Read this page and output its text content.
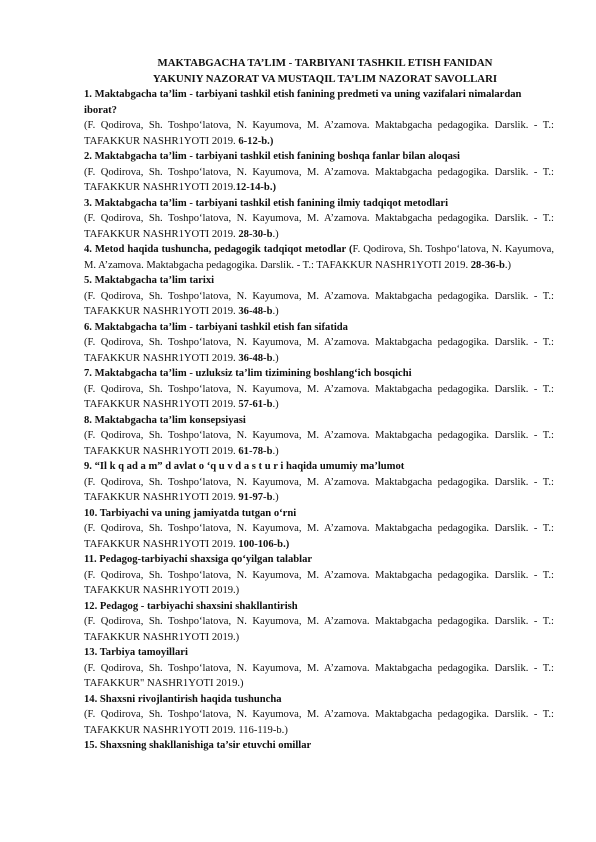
MAKTABGACHA TA’LIM - TARBIYANI TASHKIL ETISH FANIDAN
YAKUNIY NAZORAT VA MUSTAQIL TA’LIM NAZORAT SAVOLLARI
1. Maktabgacha ta’lim - tarbiyani tashkil etish fanining predmeti va uning vazifalari nimalardan iborat?
(F. Qodirova, Sh. Toshpo‘latova, N. Kayumova, M. A’zamova. Maktabgacha pedagogika. Darslik. - T.: TAFAKKUR NASHR1YOTI 2019. 6-12-b.)
2. Maktabgacha ta’lim - tarbiyani tashkil etish fanining boshqa fanlar bilan aloqasi
(F. Qodirova, Sh. Toshpo‘latova, N. Kayumova, M. A’zamova. Maktabgacha pedagogika. Darslik. - T.: TAFAKKUR NASHR1YOTI 2019.12-14-b.)
3. Maktabgacha ta’lim - tarbiyani tashkil etish fanining ilmiy tadqiqot metodlari
(F. Qodirova, Sh. Toshpo‘latova, N. Kayumova, M. A’zamova. Maktabgacha pedagogika. Darslik. - T.: TAFAKKUR NASHR1YOTI 2019. 28-30-b.)
4. Metod haqida tushuncha, pedagogik tadqiqot metodlar (F. Qodirova, Sh. Toshpo‘latova, N. Kayumova, M. A’zamova. Maktabgacha pedagogika. Darslik. - T.: TAFAKKUR NASHR1YOTI 2019. 28-36-b.)
5. Maktabgacha ta’lim tarixi
(F. Qodirova, Sh. Toshpo‘latova, N. Kayumova, M. A’zamova. Maktabgacha pedagogika. Darslik. - T.: TAFAKKUR NASHR1YOTI 2019. 36-48-b.)
6. Maktabgacha ta’lim - tarbiyani tashkil etish fan sifatida
(F. Qodirova, Sh. Toshpo‘latova, N. Kayumova, M. A’zamova. Maktabgacha pedagogika. Darslik. - T.: TAFAKKUR NASHR1YOTI 2019. 36-48-b.)
7. Maktabgacha ta’lim - uzluksiz ta’lim tizimining boshlang‘ich bosqichi
(F. Qodirova, Sh. Toshpo‘latova, N. Kayumova, M. A’zamova. Maktabgacha pedagogika. Darslik. - T.: TAFAKKUR NASHR1YOTI 2019. 57-61-b.)
8. Maktabgacha ta’lim konsepsiyasi
(F. Qodirova, Sh. Toshpo‘latova, N. Kayumova, M. A’zamova. Maktabgacha pedagogika. Darslik. - T.: TAFAKKUR NASHR1YOTI 2019. 61-78-b.)
9. “Il k q ad a m” d avlat o ‘q u v d a s t u r i haqida umumiy ma’lumot
(F. Qodirova, Sh. Toshpo‘latova, N. Kayumova, M. A’zamova. Maktabgacha pedagogika. Darslik. - T.: TAFAKKUR NASHR1YOTI 2019. 91-97-b.)
10. Tarbiyachi va uning jamiyatda tutgan o‘rni
(F. Qodirova, Sh. Toshpo‘latova, N. Kayumova, M. A’zamova. Maktabgacha pedagogika. Darslik. - T.: TAFAKKUR NASHR1YOTI 2019. 100-106-b.)
11. Pedagog-tarbiyachi shaxsiga qo‘yilgan talablar
(F. Qodirova, Sh. Toshpo‘latova, N. Kayumova, M. A’zamova. Maktabgacha pedagogika. Darslik. - T.: TAFAKKUR NASHR1YOTI 2019.)
12. Pedagog - tarbiyachi shaxsini shakllantirish
(F. Qodirova, Sh. Toshpo‘latova, N. Kayumova, M. A’zamova. Maktabgacha pedagogika. Darslik. - T.: TAFAKKUR NASHR1YOTI 2019.)
13. Tarbiya tamoyillari
(F. Qodirova, Sh. Toshpo‘latova, N. Kayumova, M. A’zamova. Maktabgacha pedagogika. Darslik. - T.: TAFAKKUR" NASHR1YOTI 2019.)
14. Shaxsni rivojlantirish haqida tushuncha
(F. Qodirova, Sh. Toshpo‘latova, N. Kayumova, M. A’zamova. Maktabgacha pedagogika. Darslik. - T.: TAFAKKUR NASHR1YOTI 2019. 116-119-b.)
15. Shaxsning shakllanishiga ta’sir etuvchi omillar
